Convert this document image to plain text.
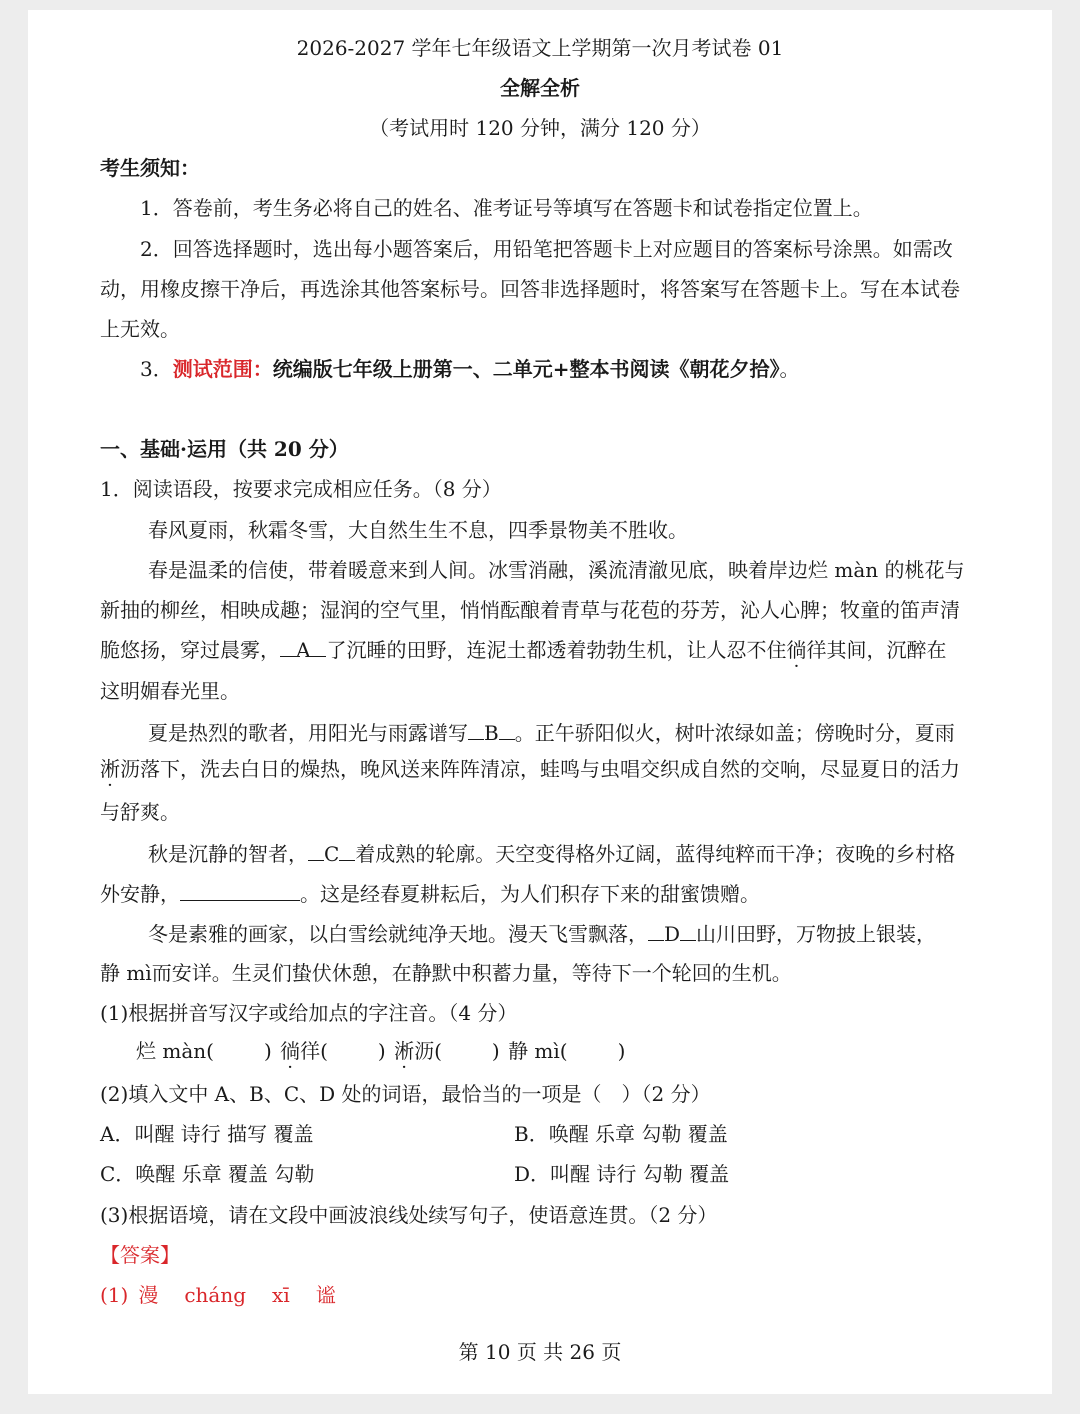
2026-2027 学年七年级语文上学期第一次月考试卷 01
全解全析
（考试用时 120 分钟，满分 120 分）
考生须知：
1．答卷前，考生务必将自己的姓名、准考证号等填写在答题卡和试卷指定位置上。
2．回答选择题时，选出每小题答案后，用铅笔把答题卡上对应题目的答案标号涂黑。如需改
动，用橡皮擦干净后，再选涂其他答案标号。回答非选择题时，将答案写在答题卡上。写在本试卷
上无效。
3．测试范围：统编版七年级上册第一、二单元+整本书阅读《朝花夕拾》。
一、基础·运用（共 20 分）
1．阅读语段，按要求完成相应任务。（8 分）
春风夏雨，秋霜冬雪，大自然生生不息，四季景物美不胜收。
春是温柔的信使，带着暖意来到人间。冰雪消融，溪流清澈见底，映着岸边烂 màn 的桃花与
新抽的柳丝，相映成趣；湿润的空气里，悄悄酝酿着青草与花苞的芬芳，沁人心脾；牧童的笛声清
脆悠扬，穿过晨雾， A 了沉睡的田野，连泥土都透着勃勃生机，让人忍不住徜徉其间，沉醉在
这明媚春光里。
夏是热烈的歌者，用阳光与雨露谱写 B 。正午骄阳似火，树叶浓绿如盖；傍晚时分，夏雨
淅沥落下，洗去白日的燥热，晚风送来阵阵清凉，蛙鸣与虫唱交织成自然的交响，尽显夏日的活力
与舒爽。
秋是沉静的智者， C 着成熟的轮廓。天空变得格外辽阔，蓝得纯粹而干净；夜晚的乡村格
外安静，	。这是经春夏耕耘后，为人们积存下来的甜蜜馈赠。
冬是素雅的画家，以白雪绘就纯净天地。漫天飞雪飘落， D 山川田野，万物披上银装，
静 mì而安详。生灵们蛰伏休憩，在静默中积蓄力量，等待下一个轮回的生机。
(1)根据拼音写汉字或给加点的字注音。（4 分）
烂 màn(	) 徜徉(	) 淅沥(	) 静 mì(	)
(2)填入文中 A、B、C、D 处的词语，最恰当的一项是（　）（2 分）
A．叫醒 诗行 描写 覆盖	B．唤醒 乐章 勾勒 覆盖
C．唤醒 乐章 覆盖 勾勒	D．叫醒 诗行 勾勒 覆盖
(3)根据语境，请在文段中画波浪线处续写句子，使语意连贯。（2 分）
【答案】
(1) 漫 cháng xī 谧
第 10 页 共 26 页
